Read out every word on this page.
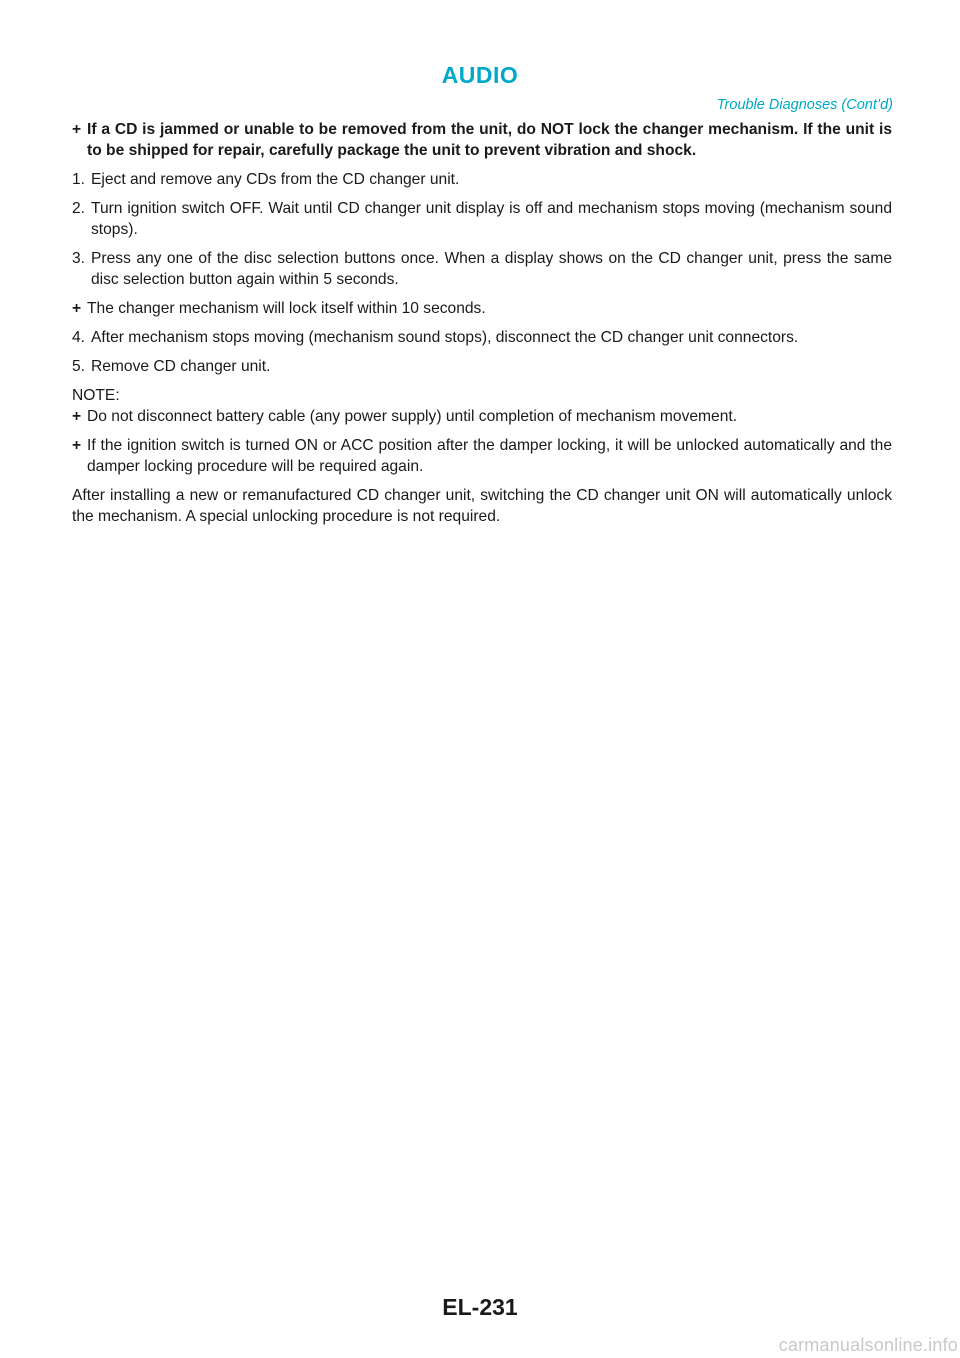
AUDIO
Trouble Diagnoses (Cont’d)
+ If a CD is jammed or unable to be removed from the unit, do NOT lock the changer mechanism. If the unit is to be shipped for repair, carefully package the unit to prevent vibration and shock.
1. Eject and remove any CDs from the CD changer unit.
2. Turn ignition switch OFF. Wait until CD changer unit display is off and mechanism stops moving (mechanism sound stops).
3. Press any one of the disc selection buttons once. When a display shows on the CD changer unit, press the same disc selection button again within 5 seconds.
+ The changer mechanism will lock itself within 10 seconds.
4. After mechanism stops moving (mechanism sound stops), disconnect the CD changer unit connectors.
5. Remove CD changer unit.
NOTE:
+ Do not disconnect battery cable (any power supply) until completion of mechanism movement.
+ If the ignition switch is turned ON or ACC position after the damper locking, it will be unlocked automatically and the damper locking procedure will be required again.
After installing a new or remanufactured CD changer unit, switching the CD changer unit ON will automatically unlock the mechanism. A special unlocking procedure is not required.
EL-231
carmanualsonline.info
